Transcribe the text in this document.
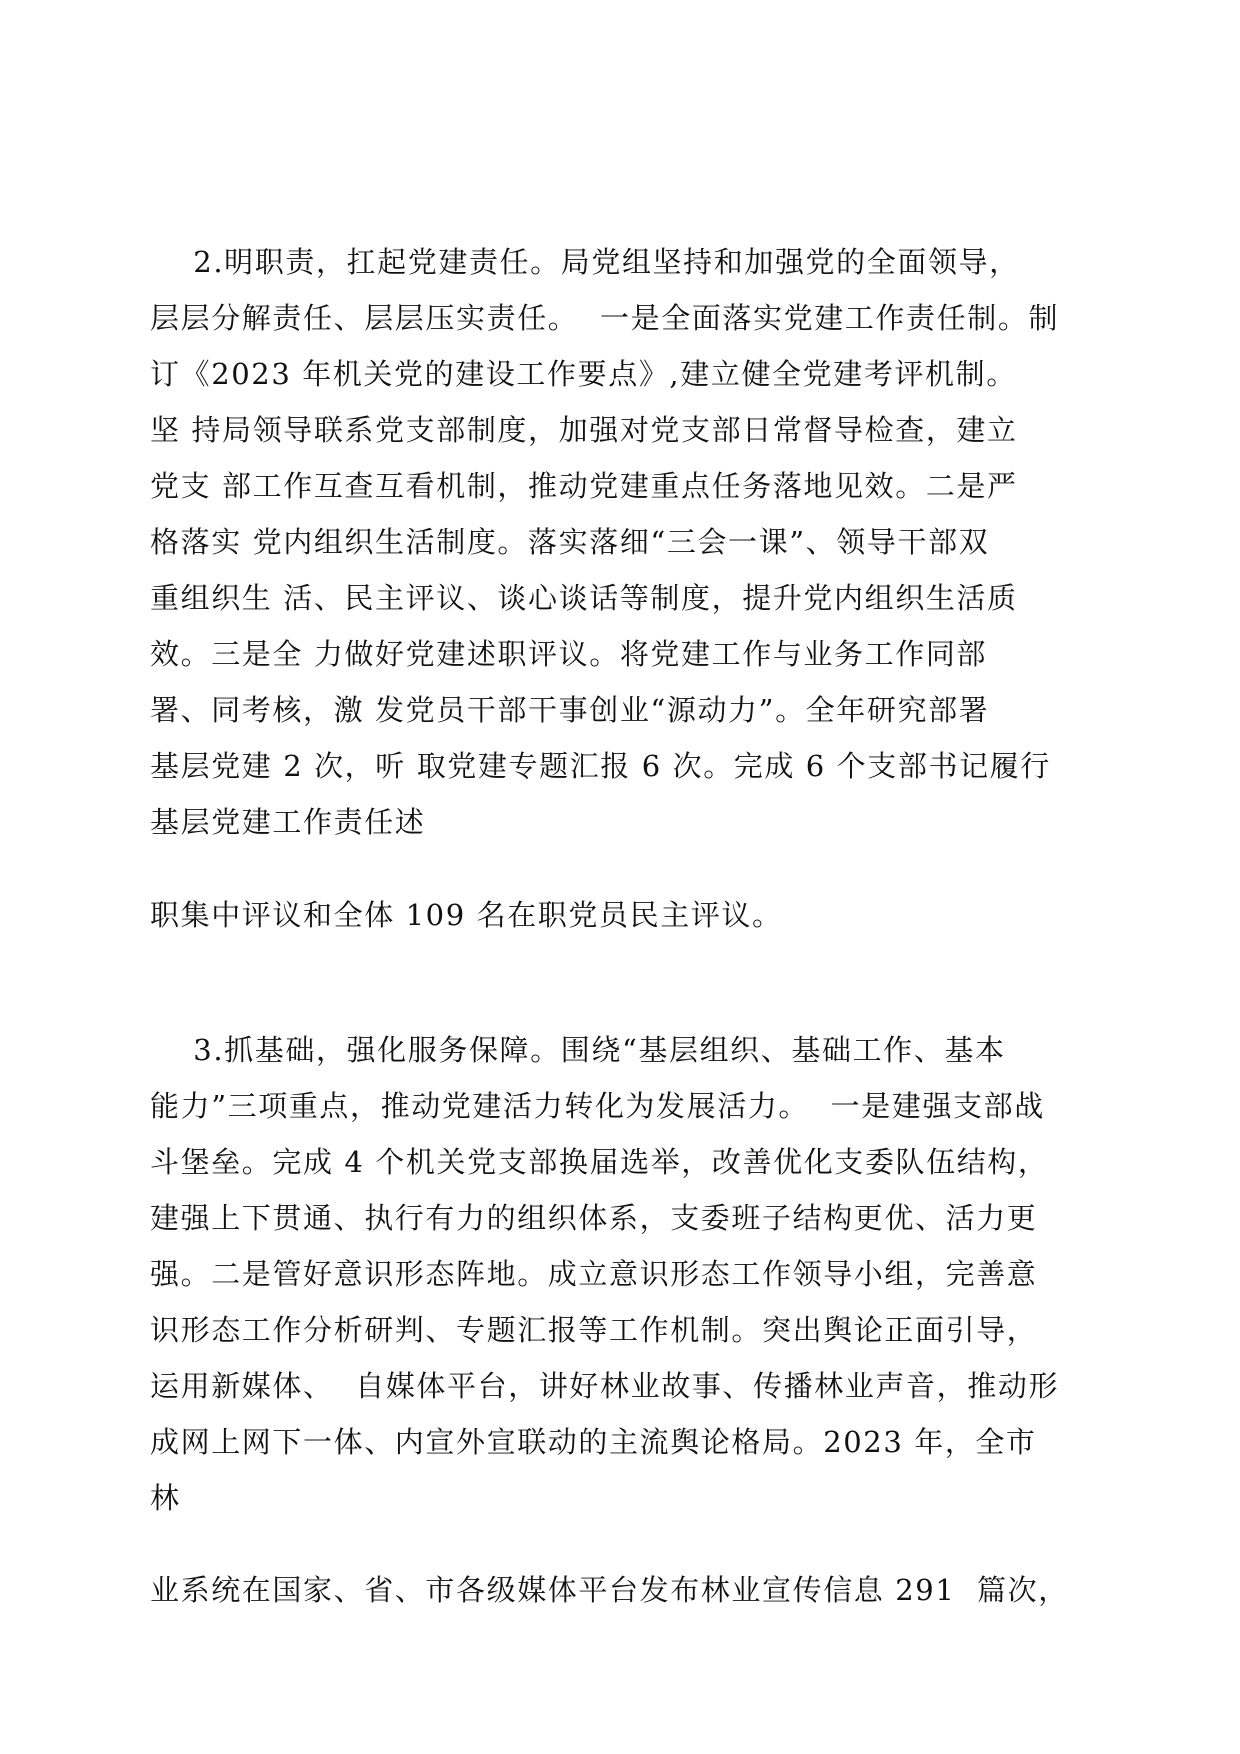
2.明职责，扛起党建责任。局党组坚持和加强党的全面领导，
层层分解责任、层层压实责任。  一是全面落实党建工作责任制。制
订《2023 年机关党的建设工作要点》,建立健全党建考评机制。
坚 持局领导联系党支部制度，加强对党支部日常督导检查，建立
党支 部工作互查互看机制，推动党建重点任务落地见效。二是严
格落实 党内组织生活制度。落实落细“三会一课”、领导干部双
重组织生 活、民主评议、谈心谈话等制度，提升党内组织生活质
效。三是全 力做好党建述职评议。将党建工作与业务工作同部
署、同考核，激 发党员干部干事创业“源动力”。全年研究部署
基层党建 2 次，听 取党建专题汇报 6 次。完成 6 个支部书记履行
基层党建工作责任述
职集中评议和全体 109 名在职党员民主评议。
3.抓基础，强化服务保障。围绕“基层组织、基础工作、基本
能力”三项重点，推动党建活力转化为发展活力。  一是建强支部战
斗堡垒。完成 4 个机关党支部换届选举，改善优化支委队伍结构，
建强上下贯通、执行有力的组织体系，支委班子结构更优、活力更
强。二是管好意识形态阵地。成立意识形态工作领导小组，完善意
识形态工作分析研判、专题汇报等工作机制。突出舆论正面引导，
运用新媒体、  自媒体平台，讲好林业故事、传播林业声音，推动形
成网上网下一体、内宣外宣联动的主流舆论格局。2023 年，全市
林
业系统在国家、省、市各级媒体平台发布林业宣传信息 291  篇次，
